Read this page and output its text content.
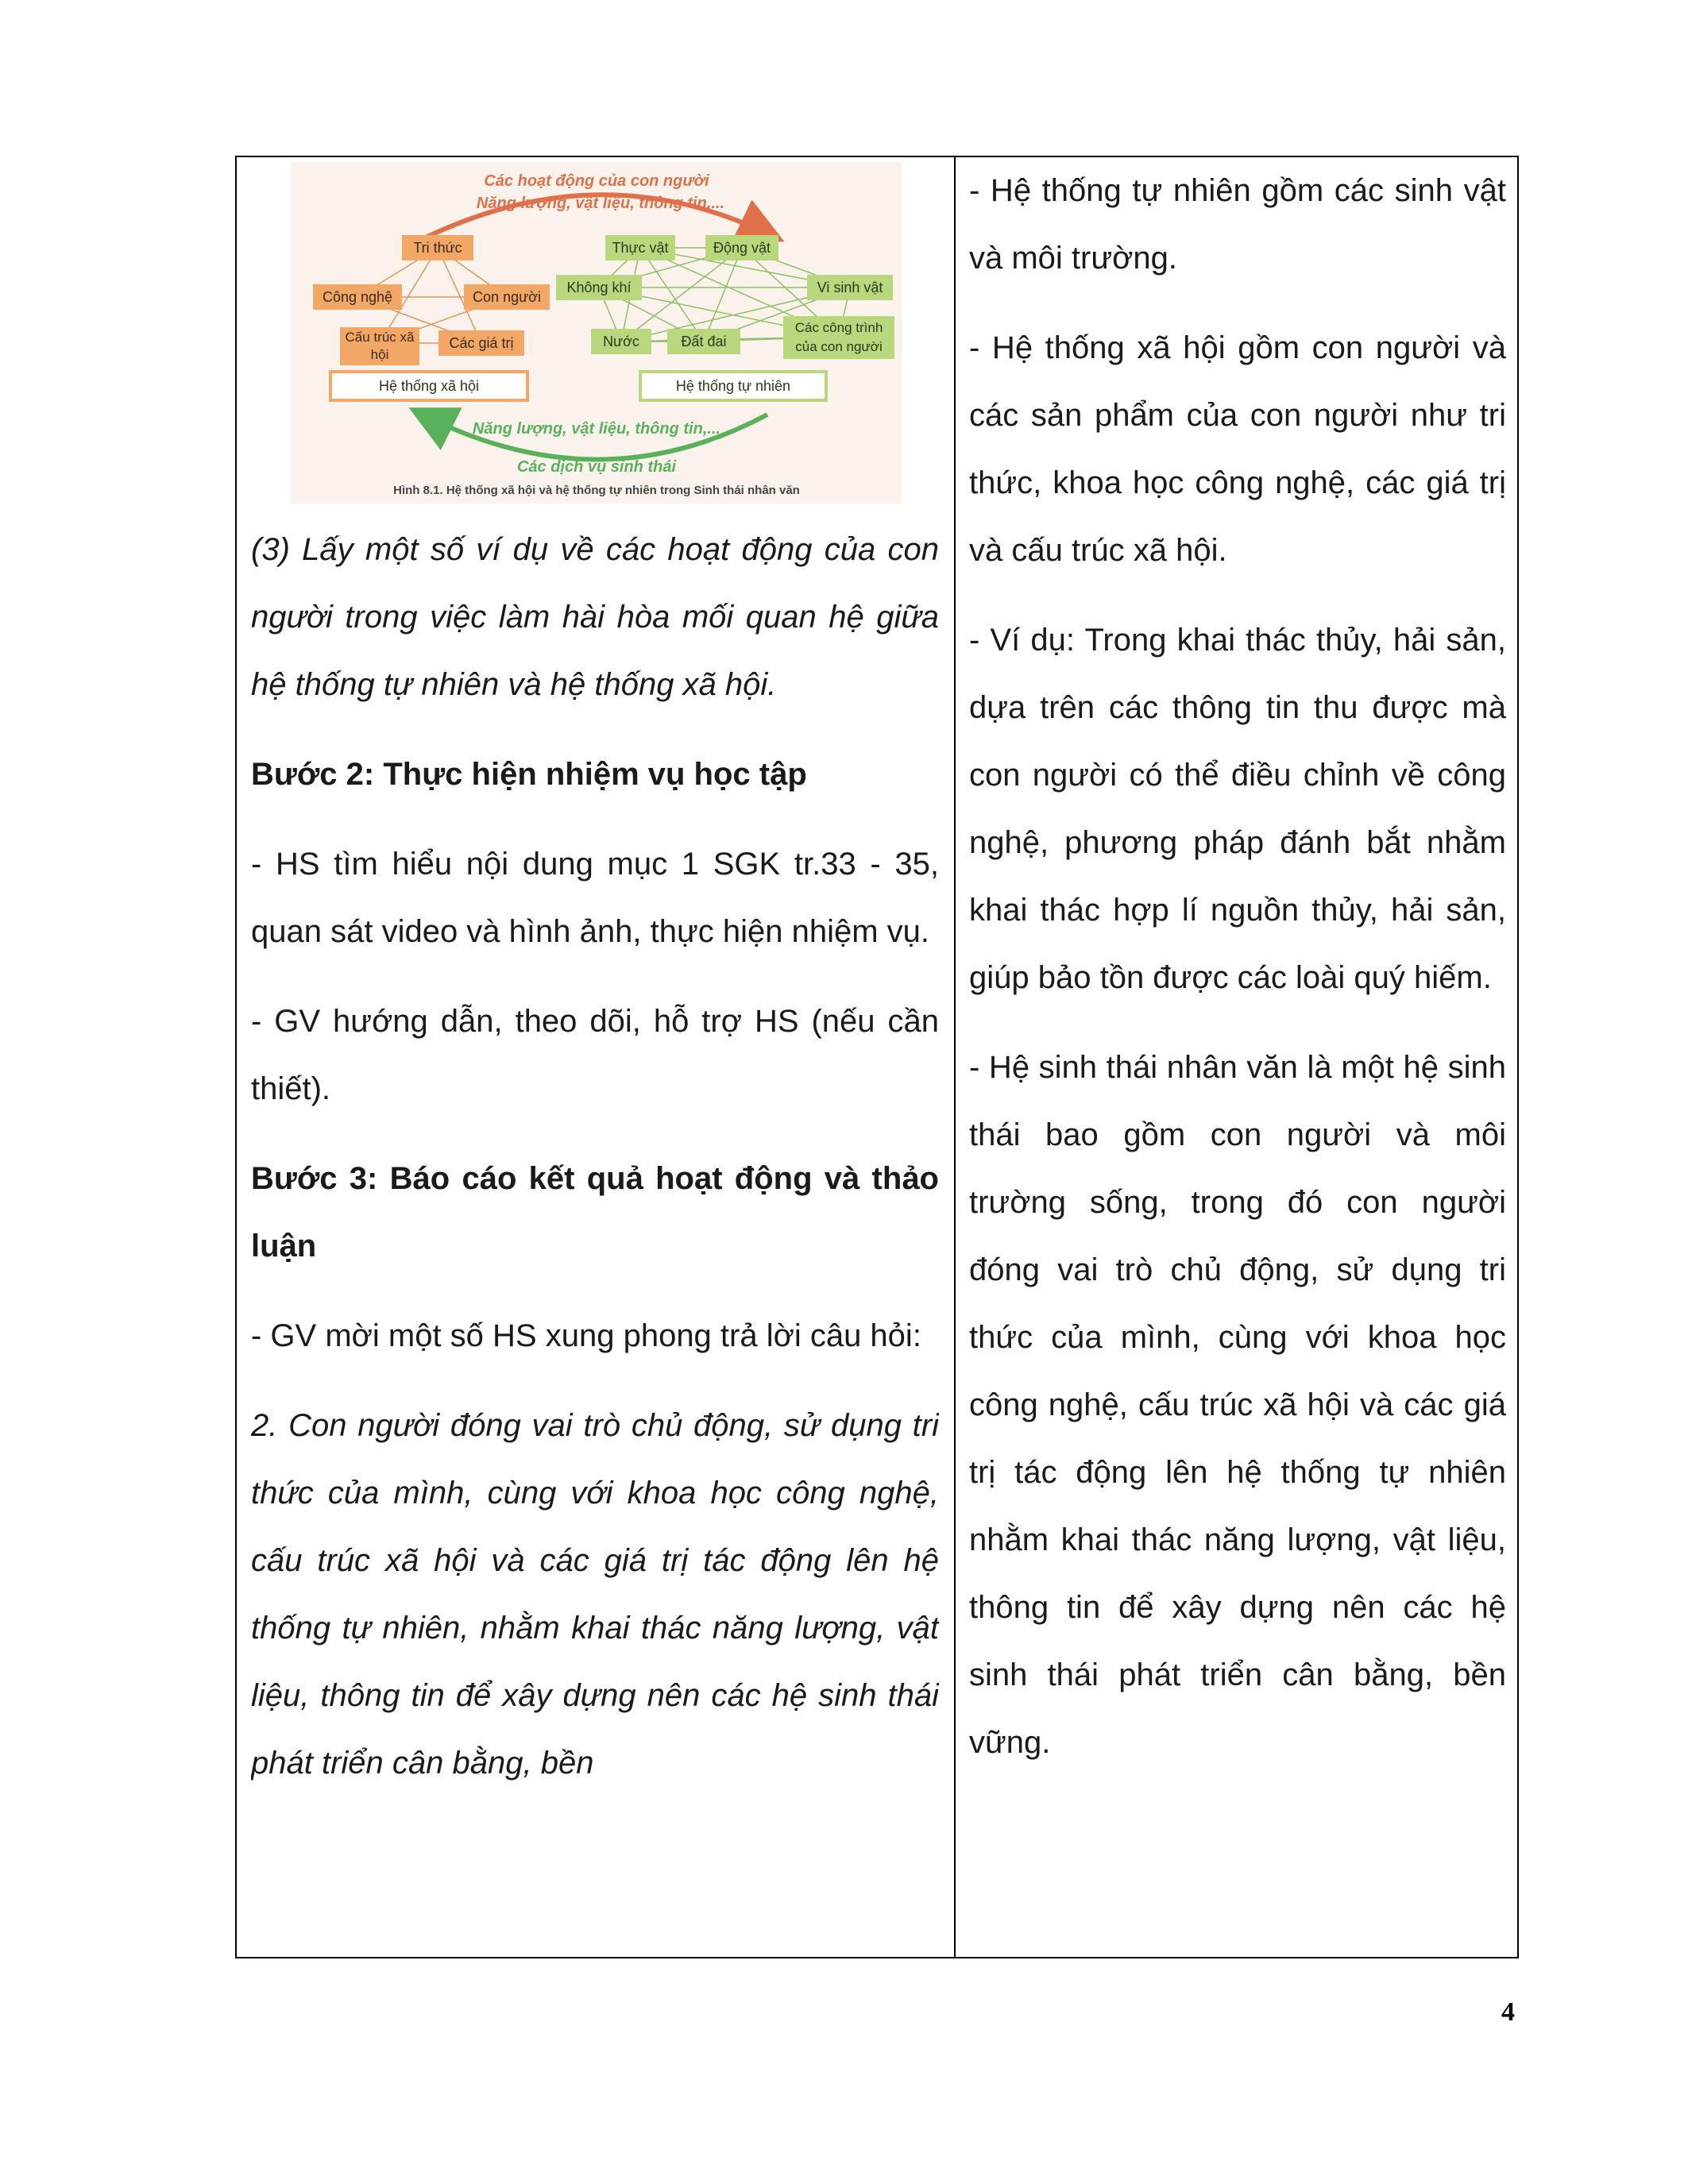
Các hoạt động của con người
Năng lượng, vật liệu, thông tin,...
Tri thức
Công nghệ	Con người
Cấu trúc xã hội
Các giá trị
Hệ thống xã hội
Thực vật	Động vật
Không khí	Vi sinh vật
Nước	Đất đai
Các công trình của con người
Hệ thống tự nhiên
Năng lượng, vật liệu, thông tin,...
Các dịch vụ sinh thái
Hình 8.1. Hệ thống xã hội và hệ thống tự nhiên trong Sinh thái nhân văn

(3) Lấy một số ví dụ về các hoạt động của con người trong việc làm hài hòa mối quan hệ giữa hệ thống tự nhiên và hệ thống xã hội.

Bước 2: Thực hiện nhiệm vụ học tập

- HS tìm hiểu nội dung mục 1 SGK tr.33 - 35, quan sát video và hình ảnh, thực hiện nhiệm vụ.

- GV hướng dẫn, theo dõi, hỗ trợ HS (nếu cần thiết).

Bước 3: Báo cáo kết quả hoạt động và thảo luận

- GV mời một số HS xung phong trả lời câu hỏi:

2. Con người đóng vai trò chủ động, sử dụng tri thức của mình, cùng với khoa học công nghệ, cấu trúc xã hội và các giá trị tác động lên hệ thống tự nhiên, nhằm khai thác năng lượng, vật liệu, thông tin để xây dựng nên các hệ sinh thái phát triển cân bằng, bền

- Hệ thống tự nhiên gồm các sinh vật và môi trường.

- Hệ thống xã hội gồm con người và các sản phẩm của con người như tri thức, khoa học công nghệ, các giá trị và cấu trúc xã hội.

- Ví dụ: Trong khai thác thủy, hải sản, dựa trên các thông tin thu được mà con người có thể điều chỉnh về công nghệ, phương pháp đánh bắt nhằm khai thác hợp lí nguồn thủy, hải sản, giúp bảo tồn được các loài quý hiếm.

- Hệ sinh thái nhân văn là một hệ sinh thái bao gồm con người và môi trường sống, trong đó con người đóng vai trò chủ động, sử dụng tri thức của mình, cùng với khoa học công nghệ, cấu trúc xã hội và các giá trị tác động lên hệ thống tự nhiên nhằm khai thác năng lượng, vật liệu, thông tin để xây dựng nên các hệ sinh thái phát triển cân bằng, bền vững.

4
